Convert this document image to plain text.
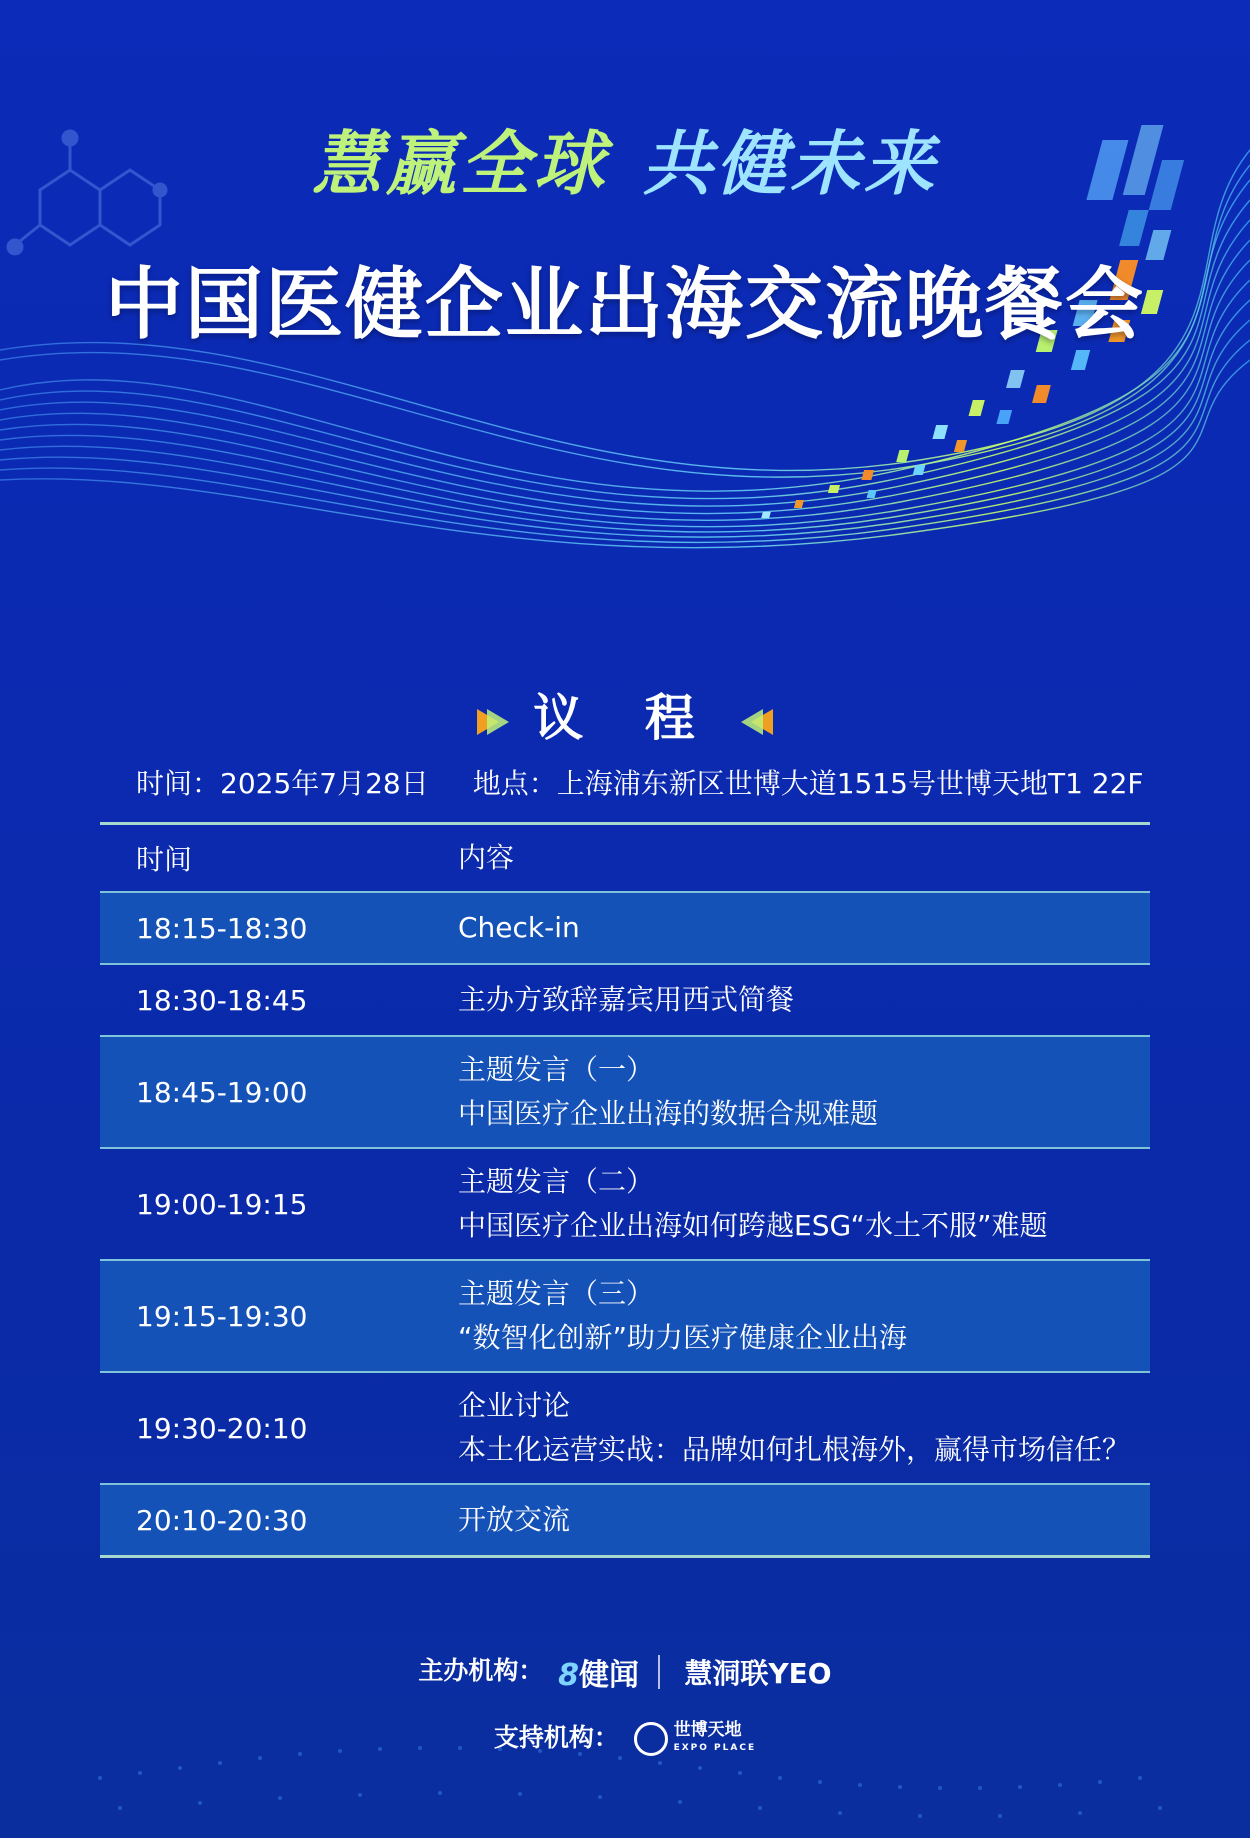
慧赢全球 共健未来
中国医健企业出海交流晚餐会
议 程
时间：2025年7月28日 地点：上海浦东新区世博大道1515号世博天地T1 22F
时间	内容
18:15-18:30	Check-in

18:30-18:45	主办方致辞嘉宾用西式简餐

18:45-19:00	主题发言（一）
中国医疗企业出海的数据合规难题

19:00-19:15	主题发言（二）
中国医疗企业出海如何跨越ESG“水土不服”难题

19:15-19:30	主题发言（三）
“数智化创新”助力医疗健康企业出海

19:30-20:10	企业讨论
本土化运营实战：品牌如何扎根海外，赢得市场信任？

20:10-20:30	开放交流
主办机构： 8健闻 慧洞联YEO
支持机构：	世博天地
EXPO PLACE
